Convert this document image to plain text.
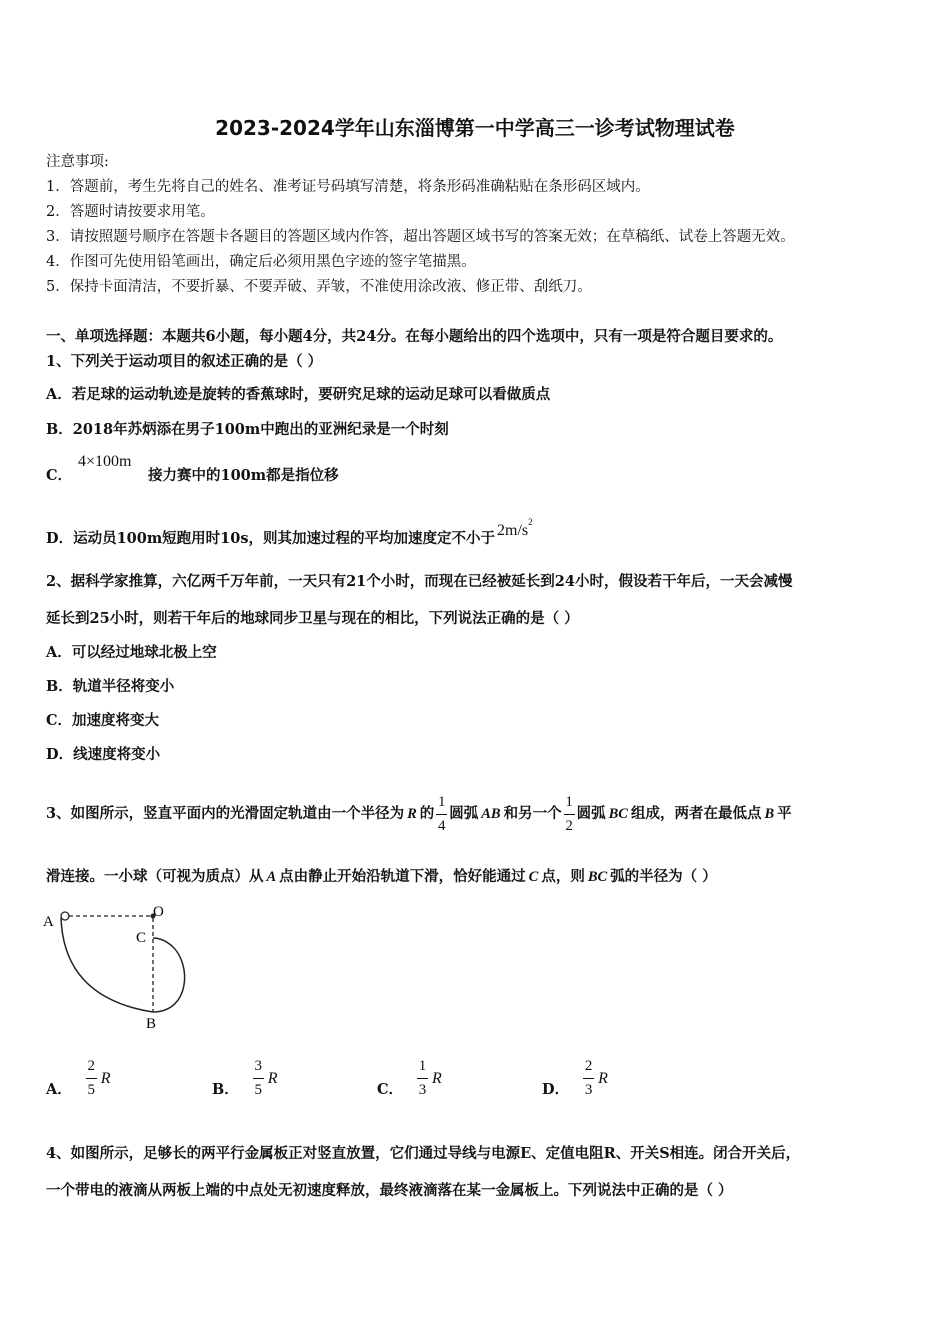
2023-2024学年山东淄博第一中学高三一诊考试物理试卷
注意事项:
1．答题前，考生先将自己的姓名、准考证号码填写清楚，将条形码准确粘贴在条形码区域内。
2．答题时请按要求用笔。
3．请按照题号顺序在答题卡各题目的答题区域内作答，超出答题区域书写的答案无效；在草稿纸、试卷上答题无效。
4．作图可先使用铅笔画出，确定后必须用黑色字迹的签字笔描黑。
5．保持卡面清洁，不要折暴、不要弄破、弄皱，不准使用涂改液、修正带、刮纸刀。
一、单项选择题：本题共6小题，每小题4分，共24分。在每小题给出的四个选项中，只有一项是符合题目要求的。
1、下列关于运动项目的叙述正确的是（ ）
A．若足球的运动轨迹是旋转的香蕉球时，要研究足球的运动足球可以看做质点
B．2018年苏炳添在男子100m中跑出的亚洲纪录是一个时刻
C．
4×100m
接力赛中的100m都是指位移
D．运动员100m短跑用时10s，则其加速过程的平均加速度定不小于 $2m/s^2$
2、据科学家推算，六亿两千万年前，一天只有21个小时，而现在已经被延长到24小时，假设若干年后，一天会减慢
延长到25小时，则若干年后的地球同步卫星与现在的相比，下列说法正确的是（ ）
A．可以经过地球北极上空
B．轨道半径将变小
C．加速度将变大
D．线速度将变小
3、如图所示，竖直平面内的光滑固定轨道由一个半径为 R 的 $\frac{1}{4}$ 圆弧 AB 和另一个 $\frac{1}{2}$ 圆弧 BC 组成，两者在最低点 B 平
滑连接。一小球（可视为质点）从 A 点由静止开始沿轨道下滑，恰好能通过 C 点，则 BC 弧的半径为（ ）
A
O
C
B
A． $\frac{2}{5}$ R
B． $\frac{3}{5}$ R
C． $\frac{1}{3}$ R
D． $\frac{2}{3}$ R
4、如图所示，足够长的两平行金属板正对竖直放置，它们通过导线与电源E、定值电阻R、开关S相连。闭合开关后，
一个带电的液滴从两板上端的中点处无初速度释放，最终液滴落在某一金属板上。下列说法中正确的是（ ）
